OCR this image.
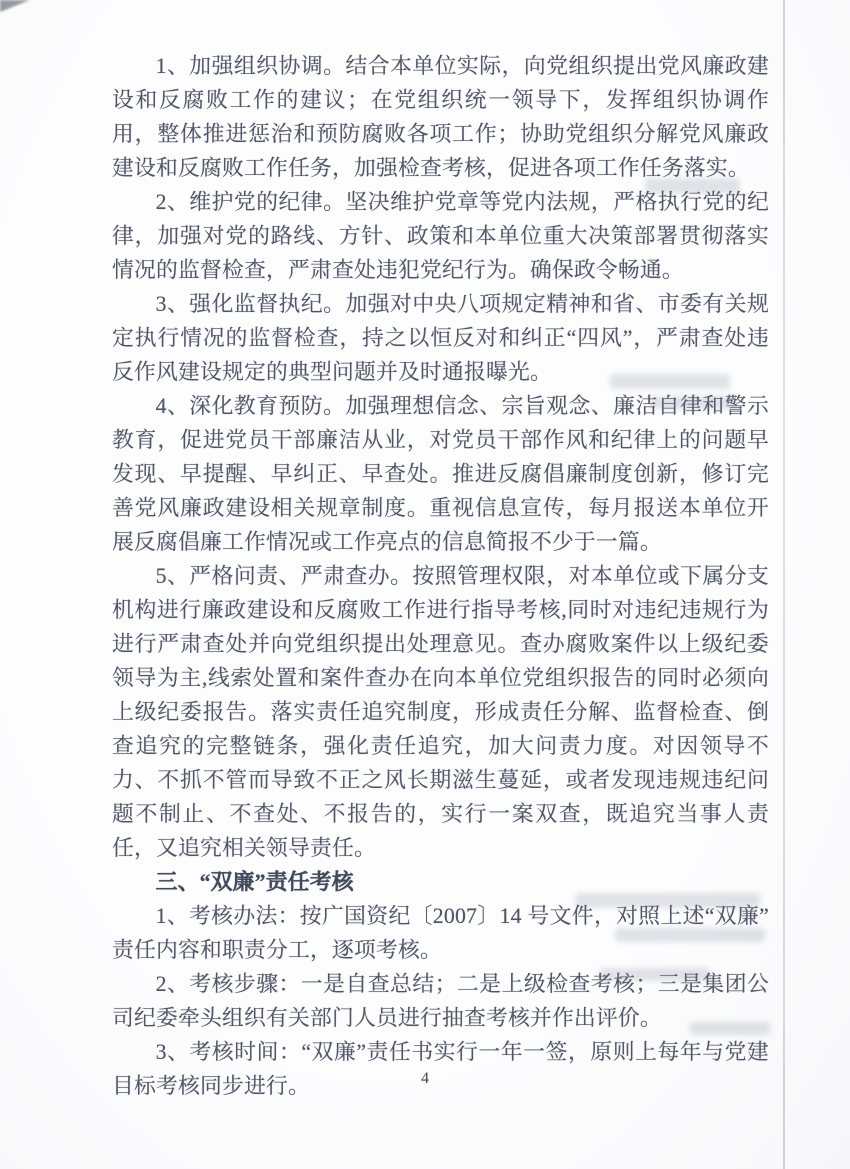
1、加强组织协调。结合本单位实际，向党组织提出党风廉政建设和反腐败工作的建议；在党组织统一领导下，发挥组织协调作用，整体推进惩治和预防腐败各项工作；协助党组织分解党风廉政建设和反腐败工作任务，加强检查考核，促进各项工作任务落实。

2、维护党的纪律。坚决维护党章等党内法规，严格执行党的纪律，加强对党的路线、方针、政策和本单位重大决策部署贯彻落实情况的监督检查，严肃查处违犯党纪行为。确保政令畅通。

3、强化监督执纪。加强对中央八项规定精神和省、市委有关规定执行情况的监督检查，持之以恒反对和纠正“四风”，严肃查处违反作风建设规定的典型问题并及时通报曝光。

4、深化教育预防。加强理想信念、宗旨观念、廉洁自律和警示教育，促进党员干部廉洁从业，对党员干部作风和纪律上的问题早发现、早提醒、早纠正、早查处。推进反腐倡廉制度创新，修订完善党风廉政建设相关规章制度。重视信息宣传，每月报送本单位开展反腐倡廉工作情况或工作亮点的信息简报不少于一篇。

5、严格问责、严肃查办。按照管理权限，对本单位或下属分支机构进行廉政建设和反腐败工作进行指导考核,同时对违纪违规行为进行严肃查处并向党组织提出处理意见。查办腐败案件以上级纪委领导为主,线索处置和案件查办在向本单位党组织报告的同时必须向上级纪委报告。落实责任追究制度，形成责任分解、监督检查、倒查追究的完整链条，强化责任追究，加大问责力度。对因领导不力、不抓不管而导致不正之风长期滋生蔓延，或者发现违规违纪问题不制止、不查处、不报告的，实行一案双查，既追究当事人责任，又追究相关领导责任。

三、“双廉”责任考核

1、考核办法：按广国资纪〔2007〕14 号文件，对照上述“双廉”责任内容和职责分工，逐项考核。

2、考核步骤：一是自查总结；二是上级检查考核；三是集团公司纪委牵头组织有关部门人员进行抽查考核并作出评价。

3、考核时间：“双廉”责任书实行一年一签，原则上每年与党建目标考核同步进行。	4
